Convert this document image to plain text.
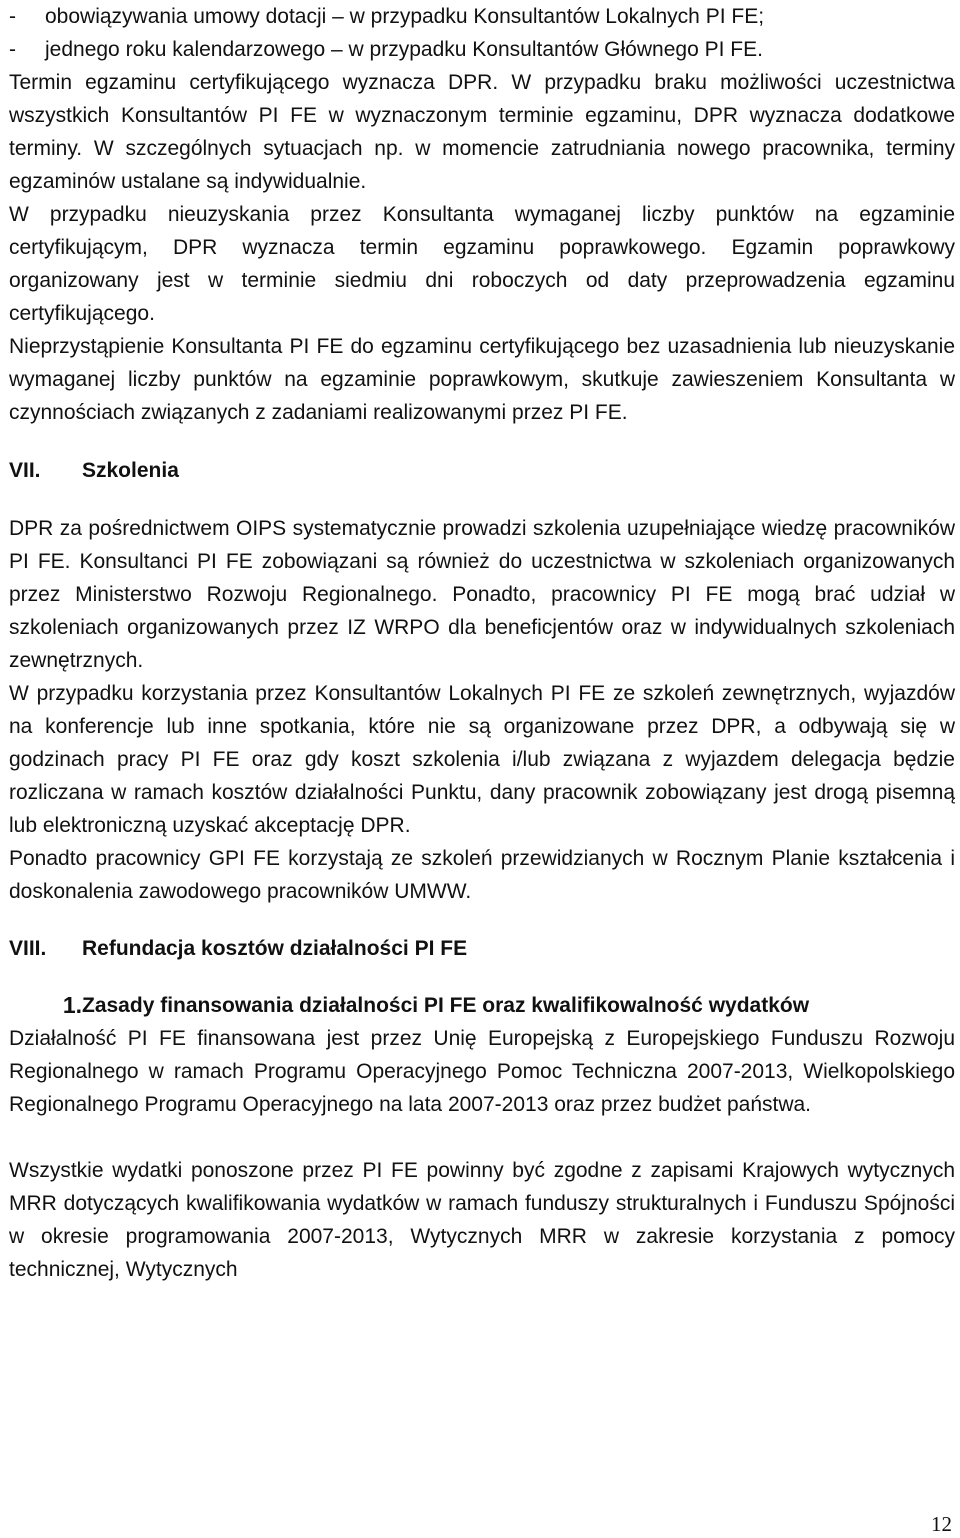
-	obowiązywania umowy dotacji – w przypadku Konsultantów Lokalnych PI FE;
-	jednego roku kalendarzowego – w przypadku Konsultantów Głównego PI FE.

Termin egzaminu certyfikującego wyznacza DPR. W przypadku braku możliwości uczestnictwa wszystkich Konsultantów PI FE w wyznaczonym terminie egzaminu, DPR wyznacza dodatkowe terminy. W szczególnych sytuacjach np. w momencie zatrudniania nowego pracownika, terminy egzaminów ustalane są indywidualnie.

W przypadku nieuzyskania przez Konsultanta wymaganej liczby punktów na egzaminie certyfikującym, DPR wyznacza termin egzaminu poprawkowego. Egzamin poprawkowy organizowany jest w terminie siedmiu dni roboczych od daty przeprowadzenia egzaminu certyfikującego.

Nieprzystąpienie Konsultanta PI FE do egzaminu certyfikującego bez uzasadnienia lub nieuzyskanie wymaganej liczby punktów na egzaminie poprawkowym, skutkuje zawieszeniem Konsultanta w czynnościach związanych z zadaniami realizowanymi przez PI FE.

VII.	Szkolenia

DPR za pośrednictwem OIPS systematycznie prowadzi szkolenia uzupełniające wiedzę pracowników PI FE. Konsultanci PI FE zobowiązani są również do uczestnictwa w szkoleniach organizowanych przez Ministerstwo Rozwoju Regionalnego. Ponadto, pracownicy PI FE mogą brać udział w szkoleniach organizowanych przez IZ WRPO dla beneficjentów oraz w indywidualnych szkoleniach zewnętrznych.

W przypadku korzystania przez Konsultantów Lokalnych PI FE ze szkoleń zewnętrznych, wyjazdów na konferencje lub inne spotkania, które nie są organizowane przez DPR, a odbywają się w godzinach pracy PI FE oraz gdy koszt szkolenia i/lub związana z wyjazdem delegacja będzie rozliczana w ramach kosztów działalności Punktu, dany pracownik zobowiązany jest drogą pisemną lub elektroniczną uzyskać akceptację DPR.

Ponadto pracownicy GPI FE korzystają ze szkoleń przewidzianych w Rocznym Planie kształcenia i doskonalenia zawodowego pracowników UMWW.

VIII.	Refundacja kosztów działalności PI FE
1. Zasady finansowania działalności PI FE oraz kwalifikowalność wydatków

Działalność PI FE finansowana jest przez Unię Europejską z Europejskiego Funduszu Rozwoju Regionalnego w ramach Programu Operacyjnego Pomoc Techniczna 2007-2013, Wielkopolskiego Regionalnego Programu Operacyjnego na lata 2007-2013 oraz przez budżet państwa.

Wszystkie wydatki ponoszone przez PI FE powinny być zgodne z zapisami Krajowych wytycznych MRR dotyczących kwalifikowania wydatków w ramach funduszy strukturalnych i Funduszu Spójności w okresie programowania 2007-2013, Wytycznych MRR w zakresie korzystania z pomocy technicznej, Wytycznych

12
